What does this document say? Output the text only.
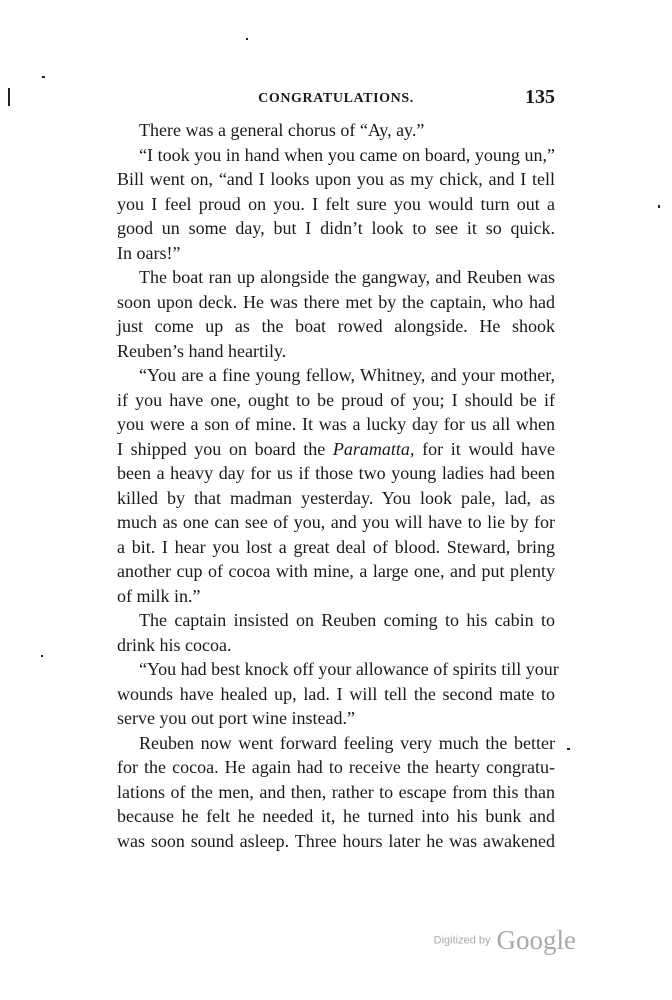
CONGRATULATIONS.	135
There was a general chorus of “Ay, ay.”
“I took you in hand when you came on board, young un,”
Bill went on, “and I looks upon you as my chick, and I tell
you I feel proud on you. I felt sure you would turn out a
good un some day, but I didn’t look to see it so quick.
In oars!”
The boat ran up alongside the gangway, and Reuben was
soon upon deck. He was there met by the captain, who had
just come up as the boat rowed alongside. He shook
Reuben’s hand heartily.
“You are a fine young fellow, Whitney, and your mother,
if you have one, ought to be proud of you; I should be if
you were a son of mine. It was a lucky day for us all when
I shipped you on board the Paramatta, for it would have
been a heavy day for us if those two young ladies had been
killed by that madman yesterday. You look pale, lad, as
much as one can see of you, and you will have to lie by for
a bit. I hear you lost a great deal of blood. Steward, bring
another cup of cocoa with mine, a large one, and put plenty
of milk in.”
The captain insisted on Reuben coming to his cabin to
drink his cocoa.
“You had best knock off your allowance of spirits till your
wounds have healed up, lad. I will tell the second mate to
serve you out port wine instead.”
Reuben now went forward feeling very much the better
for the cocoa. He again had to receive the hearty congratu-
lations of the men, and then, rather to escape from this than
because he felt he needed it, he turned into his bunk and
was soon sound asleep. Three hours later he was awakened
Digitized by Google
